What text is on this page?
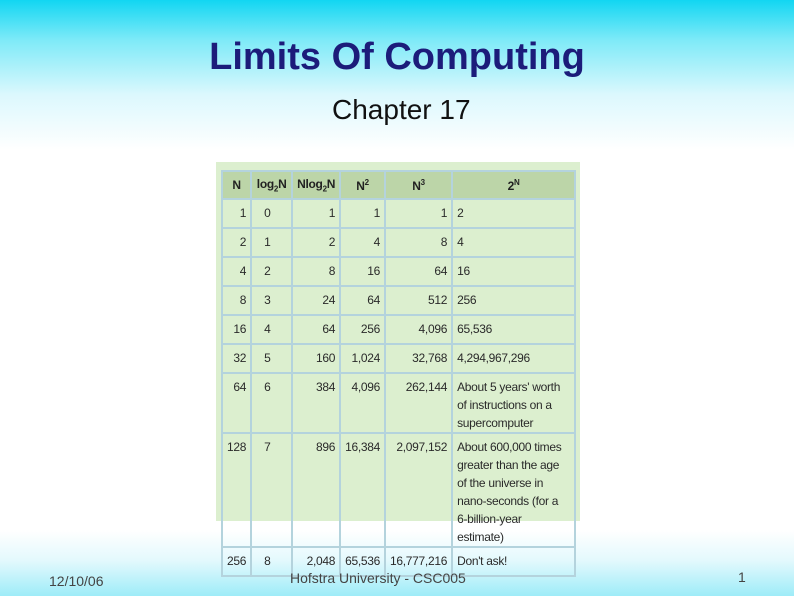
Limits Of Computing
Chapter 17
N	$\log_2N$	Nlog$_2$N	$N^2$	$N^3$	$2^N$
1	0	1	1	1	2
2	1	2	4	8	4
4	2	8	16	64	16
8	3	24	64	512	256
16	4	64	256	4,096	65,536
32	5	160	1,024	32,768	4,294,967,296
64	6	384	4,096	262,144	About 5 years' worth of instructions on a supercomputer
128	7	896	16,384	2,097,152	About 600,000 times greater than the age of the universe in nano-seconds (for a 6-billion-year estimate)
256	8	2,048	65,536	16,777,216	Don't ask!
12/10/06	Hofstra University - CSC005	1
